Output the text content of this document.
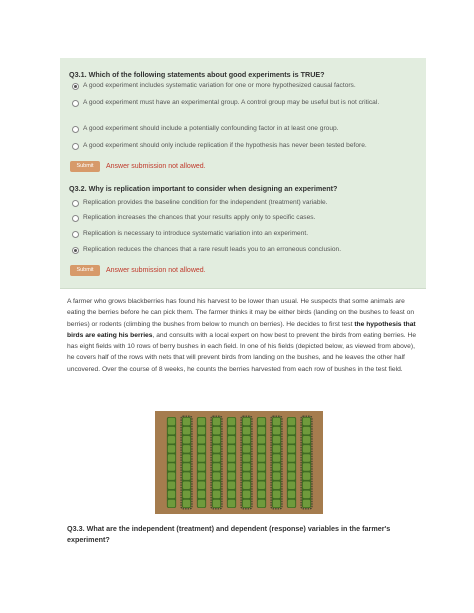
Q3.1. Which of the following statements about good experiments is TRUE?
A good experiment includes systematic variation for one or more hypothesized causal factors.
A good experiment must have an experimental group. A control group may be useful but is not critical.
A good experiment should include a potentially confounding factor in at least one group.
A good experiment should only include replication if the hypothesis has never been tested before.
Submit	Answer submission not allowed.
Q3.2. Why is replication important to consider when designing an experiment?
Replication provides the baseline condition for the independent (treatment) variable.
Replication increases the chances that your results apply only to specific cases.
Replication is necessary to introduce systematic variation into an experiment.
Replication reduces the chances that a rare result leads you to an erroneous conclusion.
Submit	Answer submission not allowed.
A farmer who grows blackberries has found his harvest to be lower than usual. He suspects that some animals are eating the berries before he can pick them. The farmer thinks it may be either birds (landing on the bushes to feast on berries) or rodents (climbing the bushes from below to munch on berries). He decides to first test the hypothesis that birds are eating his berries, and consults with a local expert on how best to prevent the birds from eating berries. He has eight fields with 10 rows of berry bushes in each field. In one of his fields (depicted below, as viewed from above), he covers half of the rows with nets that will prevent birds from landing on the bushes, and he leaves the other half uncovered. Over the course of 8 weeks, he counts the berries harvested from each row of bushes in the test field.
Q3.3. What are the independent (treatment) and dependent (response) variables in the farmer's experiment?
